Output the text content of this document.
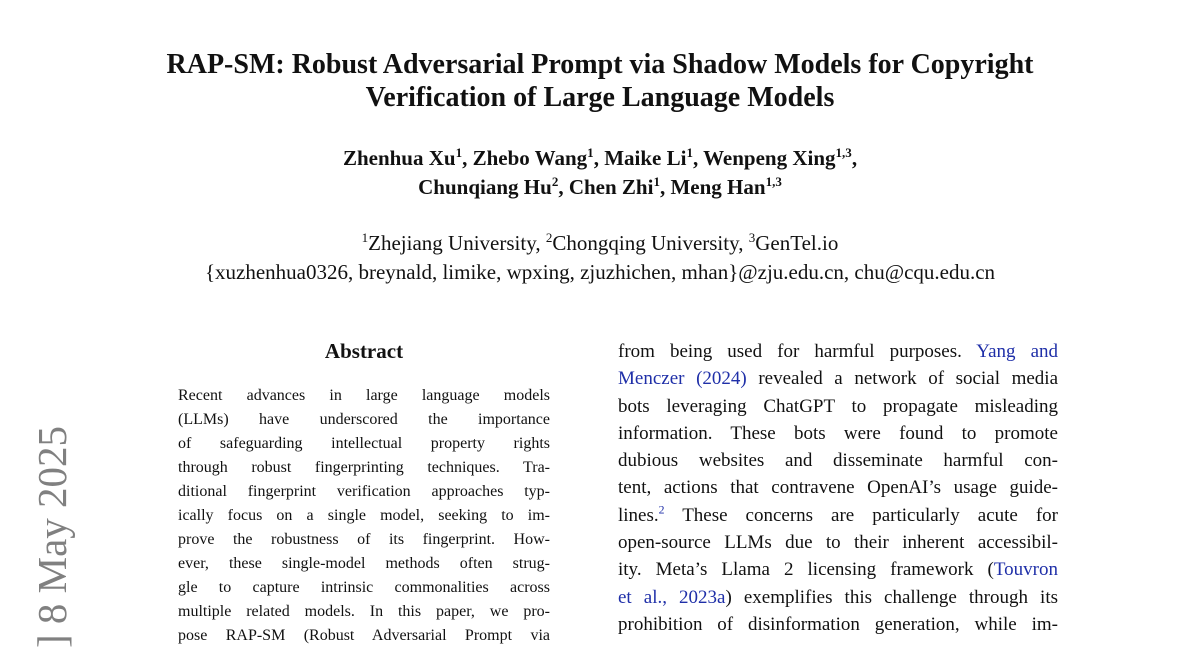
RAP-SM: Robust Adversarial Prompt via Shadow Models for Copyright
Verification of Large Language Models
Zhenhua Xu$^1$, Zhebo Wang$^1$, Maike Li$^1$, Wenpeng Xing$^{1,3}$,
Chunqiang Hu$^2$, Chen Zhi$^1$, Meng Han$^{1,3}$
$^1$Zhejiang University, $^2$Chongqing University, $^3$GenTel.io
{xuzhenhua0326, breynald, limike, wpxing, zjuzhichen, mhan}@zju.edu.cn, chu@cqu.edu.cn
Abstract
Recent advances in large language models
(LLMs) have underscored the importance
of safeguarding intellectual property rights
through robust fingerprinting techniques. Tra-
ditional fingerprint verification approaches typ-
ically focus on a single model, seeking to im-
prove the robustness of its fingerprint. How-
ever, these single-model methods often strug-
gle to capture intrinsic commonalities across
multiple related models. In this paper, we pro-
pose RAP-SM (Robust Adversarial Prompt via
from being used for harmful purposes. Yang and
Menczer (2024) revealed a network of social media
bots leveraging ChatGPT to propagate misleading
information. These bots were found to promote
dubious websites and disseminate harmful con-
tent, actions that contravene OpenAI’s usage guide-
lines.$^2$ These concerns are particularly acute for
open-source LLMs due to their inherent accessibil-
ity. Meta’s Llama 2 licensing framework (Touvron
et al., 2023a) exemplifies this challenge through its
prohibition of disinformation generation, while im-
] 8 May 2025
